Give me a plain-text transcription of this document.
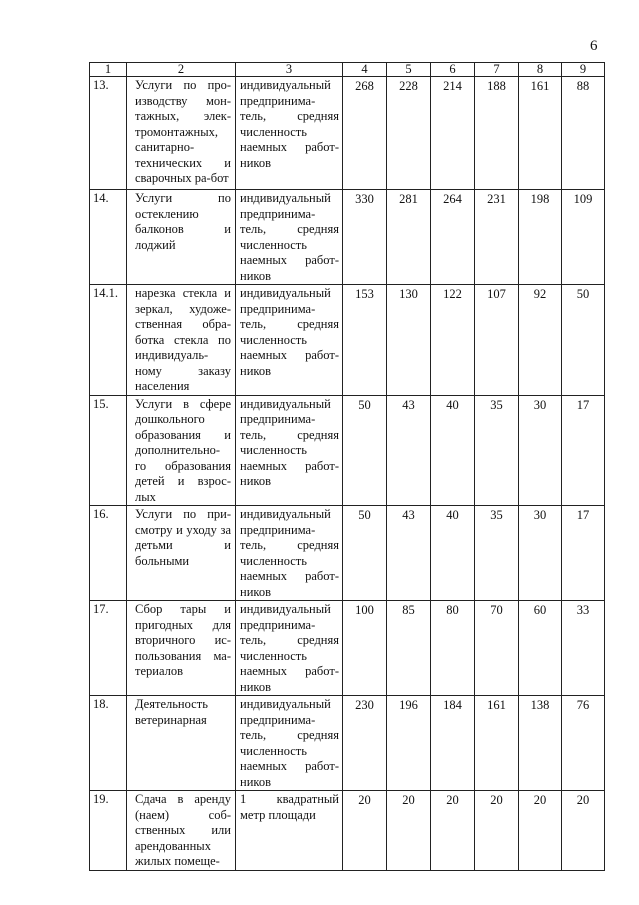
6
1	2	3	4	5	6	7	8	9
13.	Услуги по про-изводству мон-тажных, элек-тромонтажных, санитарно-технических и сварочных ра-бот	индивидуальный предпринима-тель, средняя численность наемных работ-ников	268	228	214	188	161	88
14.	Услуги по остеклению балконов и лоджий	индивидуальный предпринима-тель, средняя численность наемных работ-ников	330	281	264	231	198	109
14.1.	нарезка стекла и зеркал, художе-ственная обра-ботка стекла по индивидуаль-ному заказу населения	индивидуальный предпринима-тель, средняя численность наемных работ-ников	153	130	122	107	92	50
15.	Услуги в сфере дошкольного образования и дополнительно-го образования детей и взрос-лых	индивидуальный предпринима-тель, средняя численность наемных работ-ников	50	43	40	35	30	17
16.	Услуги по при-смотру и уходу за детьми и больными	индивидуальный предпринима-тель, средняя численность наемных работ-ников	50	43	40	35	30	17
17.	Сбор тары и пригодных для вторичного ис-пользования ма-териалов	индивидуальный предпринима-тель, средняя численность наемных работ-ников	100	85	80	70	60	33
18.	Деятельность ветеринарная	индивидуальный предпринима-тель, средняя численность наемных работ-ников	230	196	184	161	138	76
19.	Сдача в аренду (наем) соб-ственных или арендованных жилых помеще-	1 квадратный метр площади	20	20	20	20	20	20
